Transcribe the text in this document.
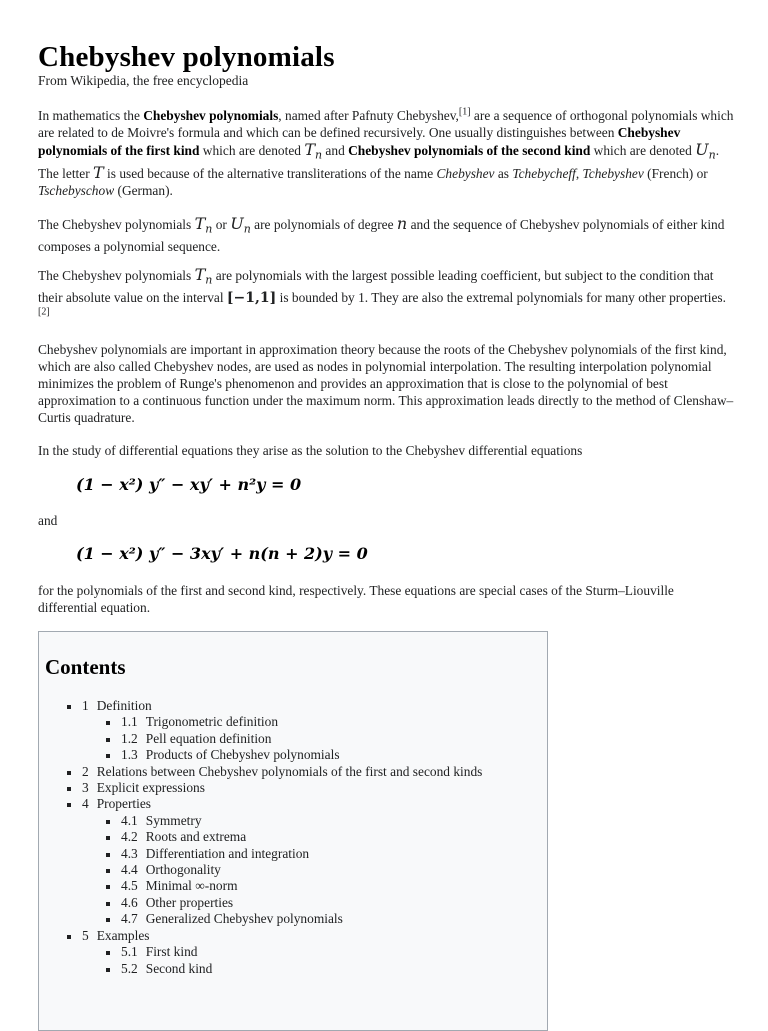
Chebyshev polynomials
From Wikipedia, the free encyclopedia

In mathematics the Chebyshev polynomials, named after Pafnuty Chebyshev,[1] are a sequence of orthogonal polynomials which are related to de Moivre's formula and which can be defined recursively. One usually distinguishes between Chebyshev polynomials of the first kind which are denoted $T_n$ and Chebyshev polynomials of the second kind which are denoted $U_n$. The letter T is used because of the alternative transliterations of the name Chebyshev as Tchebycheff, Tchebyshev (French) or Tschebyschow (German).

The Chebyshev polynomials $T_n$ or $U_n$ are polynomials of degree n and the sequence of Chebyshev polynomials of either kind composes a polynomial sequence.

The Chebyshev polynomials $T_n$ are polynomials with the largest possible leading coefficient, but subject to the condition that their absolute value on the interval [−1,1] is bounded by 1. They are also the extremal polynomials for many other properties.[2]

Chebyshev polynomials are important in approximation theory because the roots of the Chebyshev polynomials of the first kind, which are also called Chebyshev nodes, are used as nodes in polynomial interpolation. The resulting interpolation polynomial minimizes the problem of Runge's phenomenon and provides an approximation that is close to the polynomial of best approximation to a continuous function under the maximum norm. This approximation leads directly to the method of Clenshaw–Curtis quadrature.

In the study of differential equations they arise as the solution to the Chebyshev differential equations

(1 − x²) y″ − xy′ + n²y = 0

and

(1 − x²) y″ − 3xy′ + n(n + 2)y = 0

for the polynomials of the first and second kind, respectively. These equations are special cases of the Sturm–Liouville differential equation.

Contents
1 Definition
1.1 Trigonometric definition
1.2 Pell equation definition
1.3 Products of Chebyshev polynomials
2 Relations between Chebyshev polynomials of the first and second kinds
3 Explicit expressions
4 Properties
4.1 Symmetry
4.2 Roots and extrema
4.3 Differentiation and integration
4.4 Orthogonality
4.5 Minimal ∞-norm
4.6 Other properties
4.7 Generalized Chebyshev polynomials
5 Examples
5.1 First kind
5.2 Second kind
